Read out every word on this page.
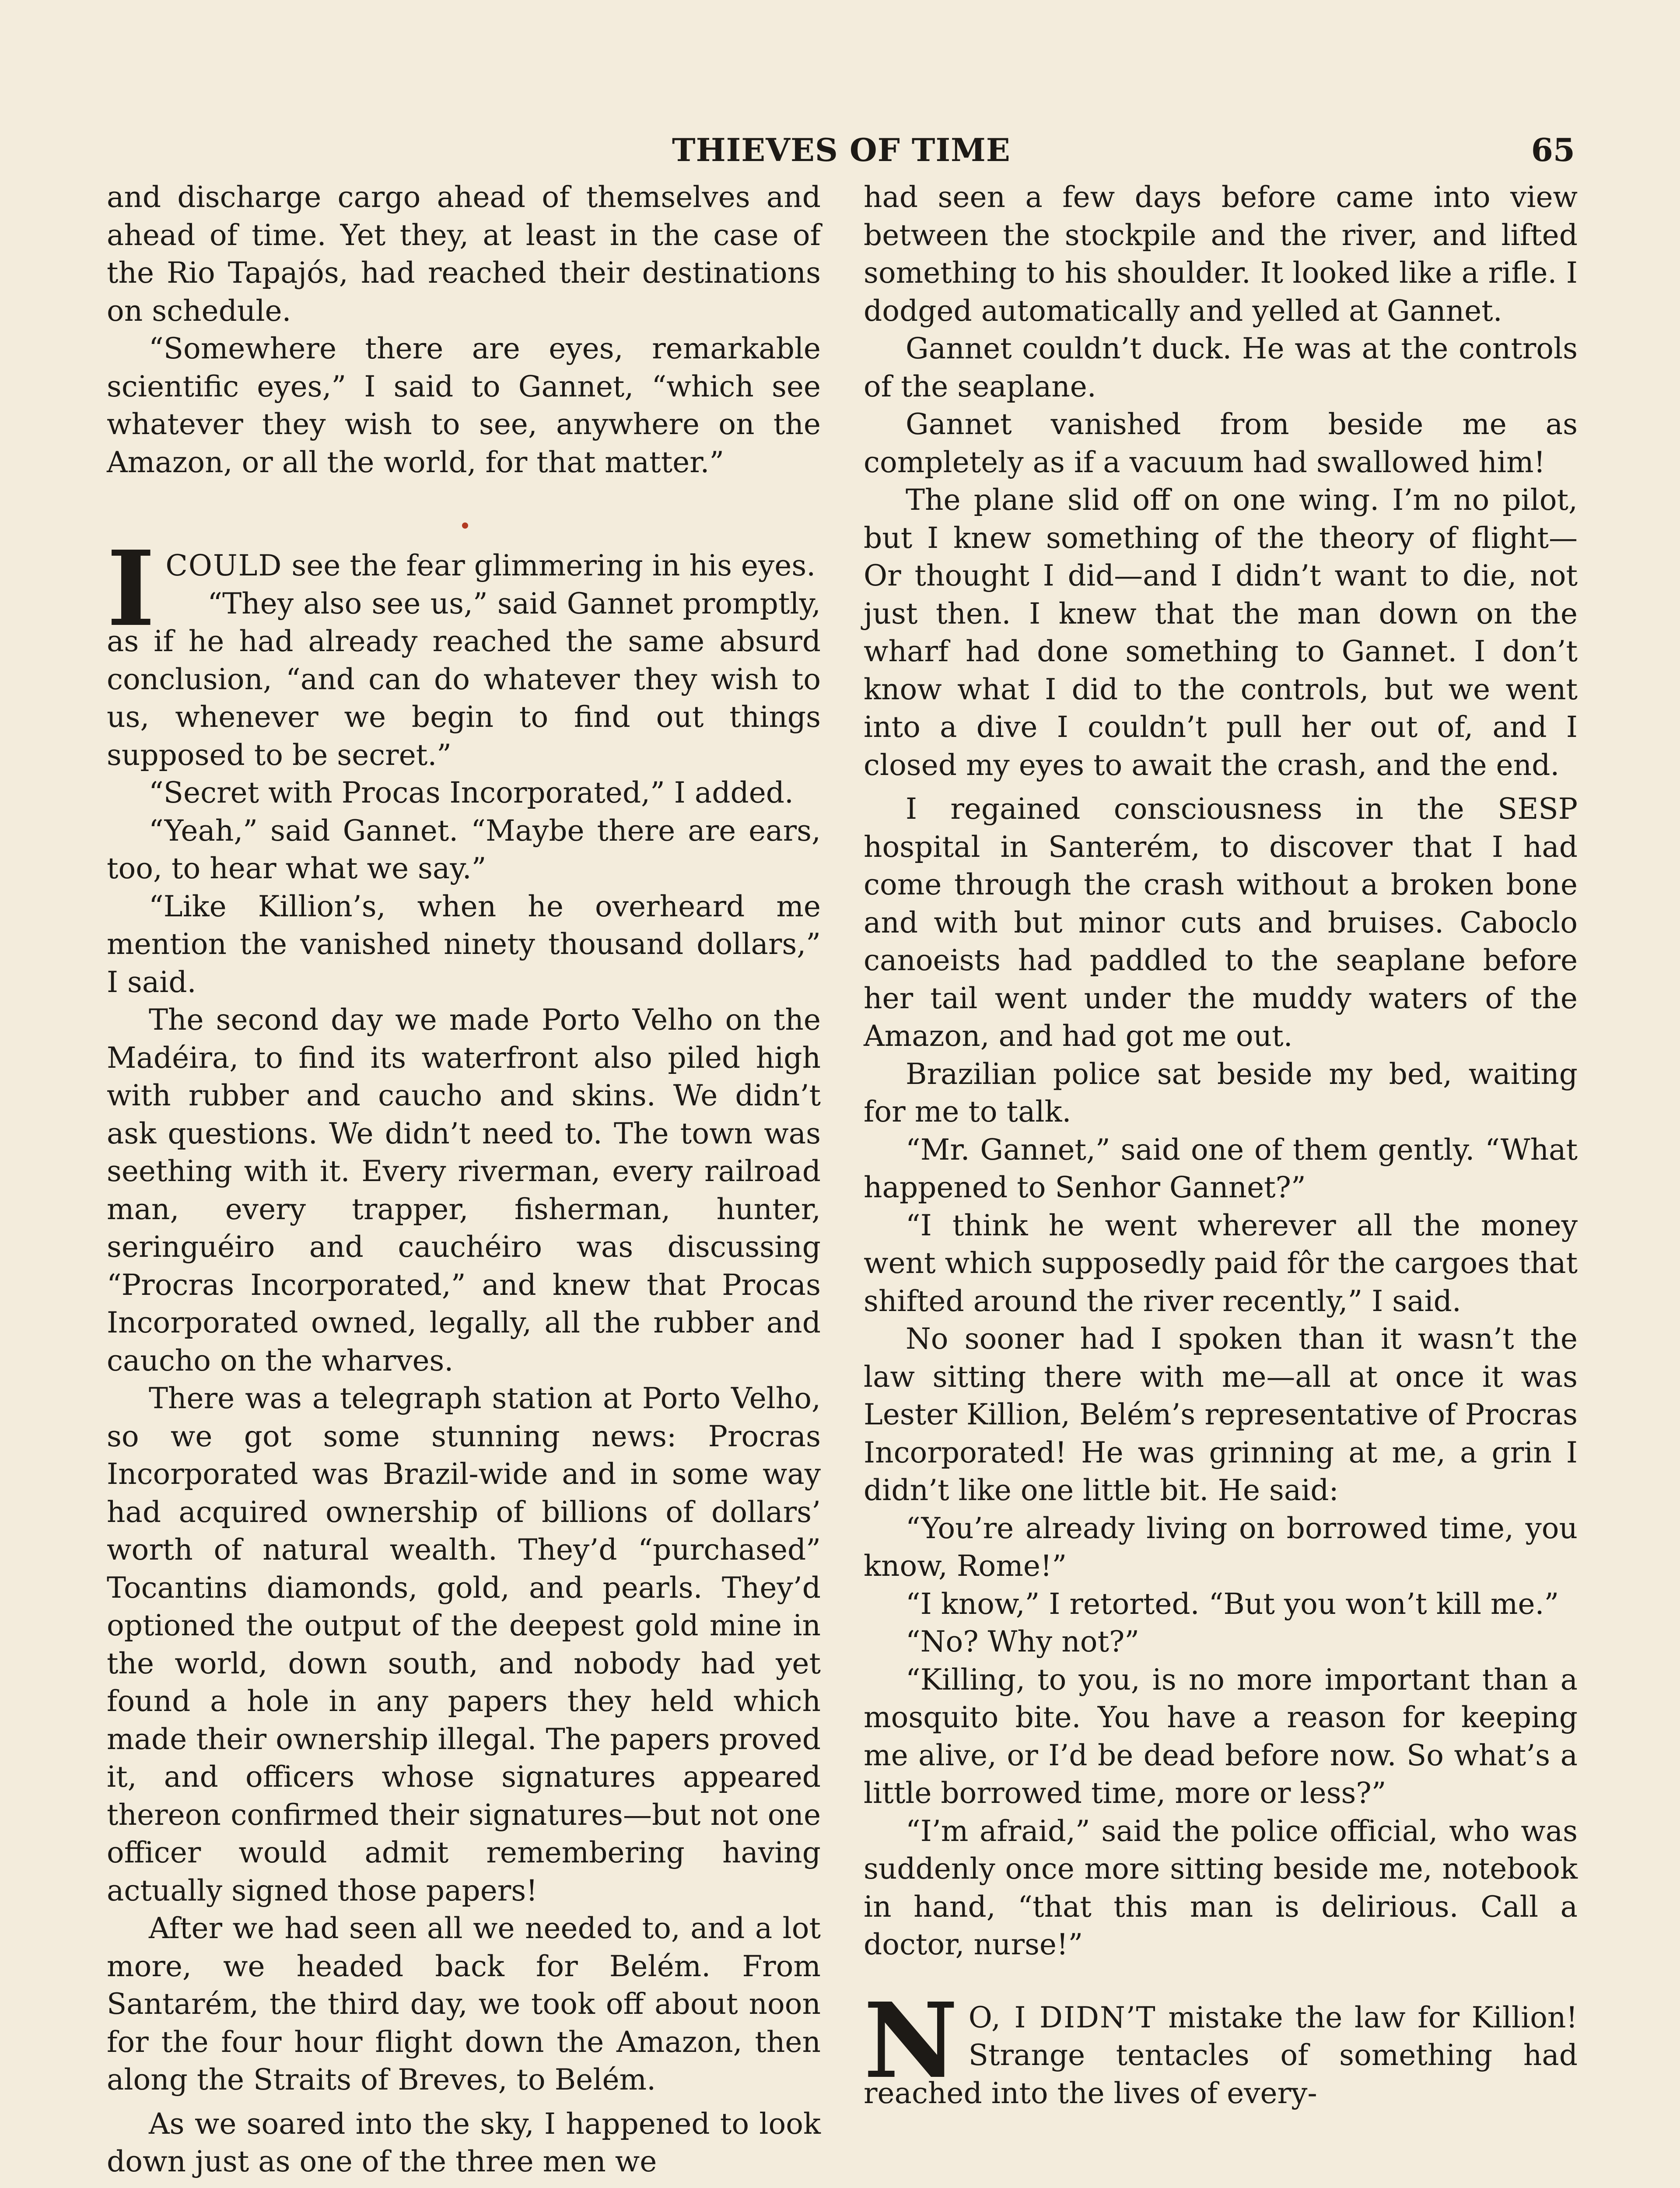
THIEVES OF TIME	65

and discharge cargo ahead of themselves and ahead of time. Yet they, at least in the case of the Rio Tapajós, had reached their destinations on schedule.

“Somewhere there are eyes, remarkable scientific eyes,” I said to Gannet, “which see whatever they wish to see, anywhere on the Amazon, or all the world, for that matter.”

ICOULD see the fear glimmering in his eyes.

“They also see us,” said Gannet promptly, as if he had already reached the same absurd conclusion, “and can do whatever they wish to us, whenever we begin to find out things supposed to be secret.”

“Secret with Procas Incorporated,” I added.

“Yeah,” said Gannet. “Maybe there are ears, too, to hear what we say.”

“Like Killion’s, when he overheard me mention the vanished ninety thousand dollars,” I said.

The second day we made Porto Velho on the Madéira, to find its waterfront also piled high with rubber and caucho and skins. We didn’t ask questions. We didn’t need to. The town was seething with it. Every riverman, every railroad man, every trapper, fisherman, hunter, seringuéiro and cauchéiro was discussing “Procras Incorporated,” and knew that Procas Incorporated owned, legally, all the rubber and caucho on the wharves.

There was a telegraph station at Porto Velho, so we got some stunning news: Procras Incorporated was Brazil-wide and in some way had acquired ownership of billions of dollars’ worth of natural wealth. They’d “purchased” Tocantins diamonds, gold, and pearls. They’d optioned the output of the deepest gold mine in the world, down south, and nobody had yet found a hole in any papers they held which made their ownership illegal. The papers proved it, and officers whose signatures appeared thereon confirmed their signatures—but not one officer would admit remembering having actually signed those papers!

After we had seen all we needed to, and a lot more, we headed back for Belém. From Santarém, the third day, we took off about noon for the four hour flight down the Amazon, then along the Straits of Breves, to Belém.

As we soared into the sky, I happened to look down just as one of the three men we

had seen a few days before came into view between the stockpile and the river, and lifted something to his shoulder. It looked like a rifle. I dodged automatically and yelled at Gannet.

Gannet couldn’t duck. He was at the controls of the seaplane.

Gannet vanished from beside me as completely as if a vacuum had swallowed him!

The plane slid off on one wing. I’m no pilot, but I knew something of the theory of flight— Or thought I did—and I didn’t want to die, not just then. I knew that the man down on the wharf had done something to Gannet. I don’t know what I did to the controls, but we went into a dive I couldn’t pull her out of, and I closed my eyes to await the crash, and the end.

I regained consciousness in the SESP hospital in Santerém, to discover that I had come through the crash without a broken bone and with but minor cuts and bruises. Caboclo canoeists had paddled to the seaplane before her tail went under the muddy waters of the Amazon, and had got me out.

Brazilian police sat beside my bed, waiting for me to talk.

“Mr. Gannet,” said one of them gently. “What happened to Senhor Gannet?”

“I think he went wherever all the money went which supposedly paid fôr the cargoes that shifted around the river recently,” I said.

No sooner had I spoken than it wasn’t the law sitting there with me—all at once it was Lester Killion, Belém’s representative of Procras Incorporated! He was grinning at me, a grin I didn’t like one little bit. He said:

“You’re already living on borrowed time, you know, Rome!”

“I know,” I retorted. “But you won’t kill me.”

“No? Why not?”

“Killing, to you, is no more important than a mosquito bite. You have a reason for keeping me alive, or I’d be dead before now. So what’s a little borrowed time, more or less?”

“I’m afraid,” said the police official, who was suddenly once more sitting beside me, notebook in hand, “that this man is delirious. Call a doctor, nurse!”

N O, I DIDN’T mistake the law for Killion! Strange tentacles of something had reached into the lives of every-
